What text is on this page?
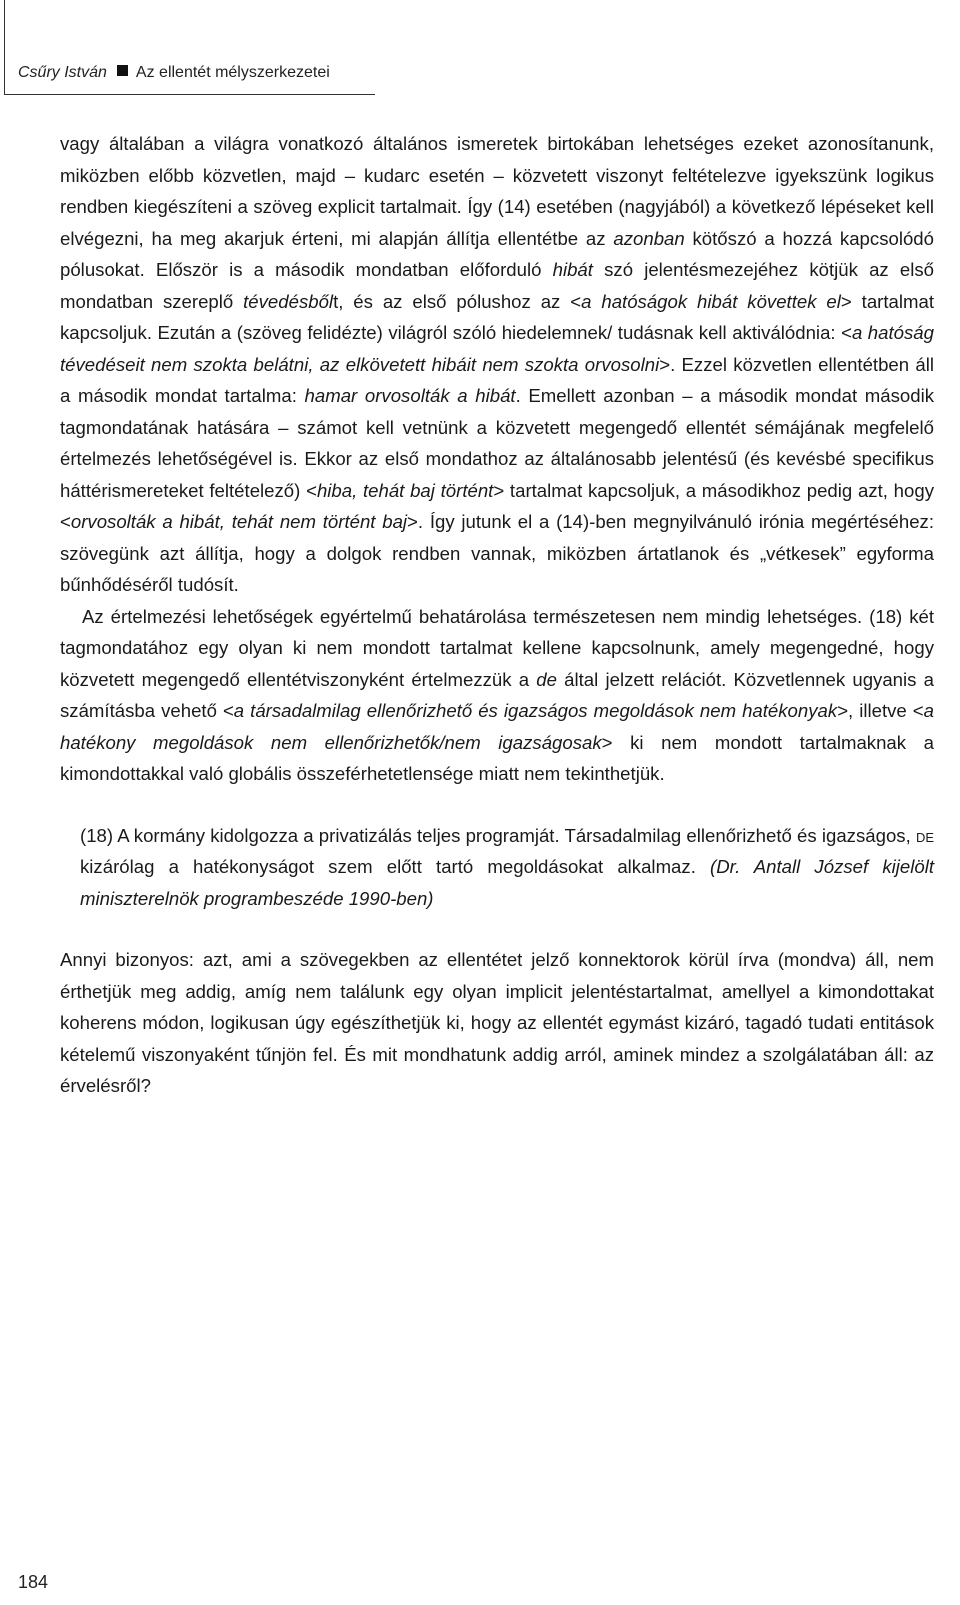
Csűry István Az ellentét mélyszerkezetei

vagy általában a világra vonatkozó általános ismeretek birtokában lehetséges ezeket azonosítanunk, miközben előbb közvetlen, majd – kudarc esetén – közvetett viszonyt feltételezve igyekszünk logikus rendben kiegészíteni a szöveg explicit tartalmait. Így (14) esetében (nagyjából) a következő lépéseket kell elvégezni, ha meg akarjuk érteni, mi alapján állítja ellentétbe az azonban kötőszó a hozzá kapcsolódó pólusokat. Először is a második mondatban előforduló hibát szó jelentésmezejéhez kötjük az első mondatban szereplő tévedésbőlt, és az első pólushoz az <a hatóságok hibát követtek el> tartalmat kapcsoljuk. Ezután a (szöveg felidézte) világról szóló hiedelemnek/ tudásnak kell aktiválódnia: <a hatóság tévedéseit nem szokta belátni, az elkövetett hibáit nem szokta orvosolni>. Ezzel közvetlen ellentétben áll a második mondat tartalma: hamar orvosolták a hibát. Emellett azonban – a második mondat második tagmondatának hatására – számot kell vetnünk a közvetett megengedő ellentét sémájának megfelelő értelmezés lehetőségével is. Ekkor az első mondathoz az általánosabb jelentésű (és kevésbé specifikus háttérismereteket feltételező) <hiba, tehát baj történt> tartalmat kapcsoljuk, a másodikhoz pedig azt, hogy <orvosolták a hibát, tehát nem történt baj>. Így jutunk el a (14)-ben megnyilvánuló irónia megértéséhez: szövegünk azt állítja, hogy a dolgok rendben vannak, miközben ártatlanok és „vétkesek” egyforma bűnhődéséről tudósít.

Az értelmezési lehetőségek egyértelmű behatárolása természetesen nem mindig lehetséges. (18) két tagmondatához egy olyan ki nem mondott tartalmat kellene kapcsolnunk, amely megengedné, hogy közvetett megengedő ellentétviszonyként értelmezzük a de által jelzett relációt. Közvetlennek ugyanis a számításba vehető <a társadalmilag ellenőrizhető és igazságos megoldások nem hatékonyak>, illetve <a hatékony megoldások nem ellenőrizhetők/nem igazságosak> ki nem mondott tartalmaknak a kimondottakkal való globális összeférhetetlensége miatt nem tekinthetjük.

(18) A kormány kidolgozza a privatizálás teljes programját. Társadalmilag ellenőrizhető és igazságos, de kizárólag a hatékonyságot szem előtt tartó megoldásokat alkalmaz. (Dr. Antall József kijelölt miniszterelnök programbeszéde 1990-ben)

Annyi bizonyos: azt, ami a szövegekben az ellentétet jelző konnektorok körül írva (mondva) áll, nem érthetjük meg addig, amíg nem találunk egy olyan implicit jelentéstartalmat, amellyel a kimondottakat koherens módon, logikusan úgy egészíthetjük ki, hogy az ellentét egymást kizáró, tagadó tudati entitások kételemű viszonyaként tűnjön fel. És mit mondhatunk addig arról, aminek mindez a szolgálatában áll: az érvelésről?

184
